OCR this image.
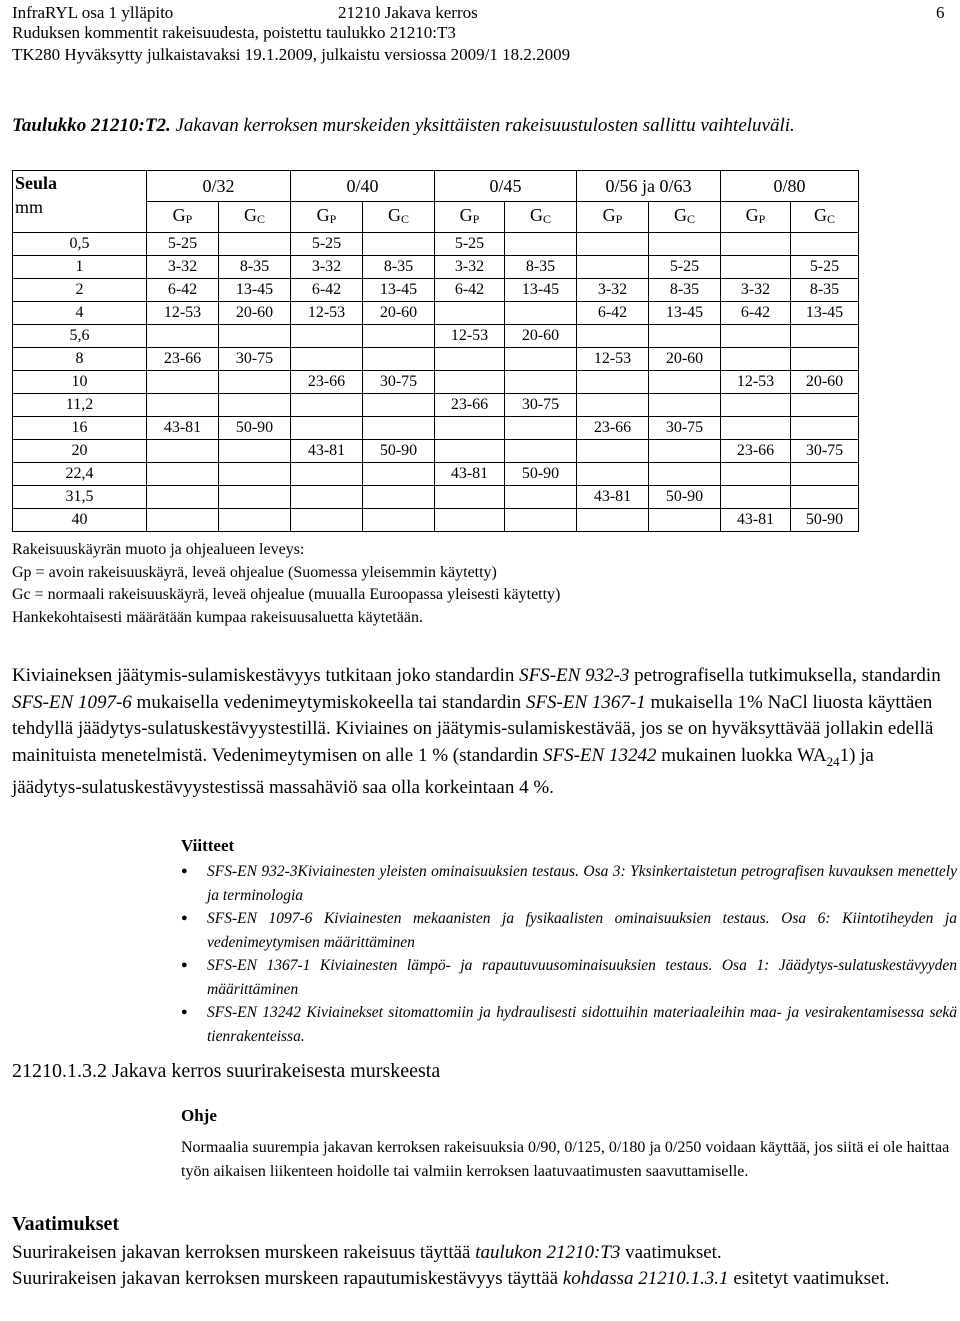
InfraRYL osa 1 ylläpito	21210 Jakava kerros	6
Ruduksen kommentit rakeisuudesta, poistettu taulukko 21210:T3
TK280 Hyväksytty julkaistavaksi 19.1.2009, julkaistu versiossa 2009/1 18.2.2009
Taulukko 21210:T2. Jakavan kerroksen murskeiden yksittäisten rakeisuustulosten sallittu vaihteluväli.
Seula
mm	0/32		0/40		0/45		0/56 ja 0/63		0/80	
	GP	GC	GP	GC	GP	GC	GP	GC	GP	GC
0,5	5-25		5-25		5-25					
1	3-32	8-35	3-32	8-35	3-32	8-35		5-25		5-25
2	6-42	13-45	6-42	13-45	6-42	13-45	3-32	8-35	3-32	8-35
4	12-53	20-60	12-53	20-60			6-42	13-45	6-42	13-45
5,6					12-53	20-60				
8	23-66	30-75					12-53	20-60		
10			23-66	30-75					12-53	20-60
11,2					23-66	30-75				
16	43-81	50-90					23-66	30-75		
20			43-81	50-90					23-66	30-75
22,4					43-81	50-90				
31,5							43-81	50-90		
40									43-81	50-90
Rakeisuuskäyrän muoto ja ohjealueen leveys:
Gp = avoin rakeisuuskäyrä, leveä ohjealue (Suomessa yleisemmin käytetty)
Gc = normaali rakeisuuskäyrä, leveä ohjealue (muualla Euroopassa yleisesti käytetty)
Hankekohtaisesti määrätään kumpaa rakeisuusaluetta käytetään.
Kiviaineksen jäätymis-sulamiskestävyys tutkitaan joko standardin SFS-EN 932-3 petrografisella tutkimuksella, standardin SFS-EN 1097-6 mukaisella vedenimeytymiskokeella tai standardin SFS-EN 1367-1 mukaisella 1% NaCl liuosta käyttäen tehdyllä jäädytys-sulatuskestävyystestillä. Kiviaines on jäätymis-sulamiskestävää, jos se on hyväksyttävää jollakin edellä mainituista menetelmistä. Vedenimeytymisen on alle 1 % (standardin SFS-EN 13242 mukainen luokka $WA_{24}1$) ja jäädytys-sulatuskestävyystestissä massahäviö saa olla korkeintaan 4 %.
Viitteet
● SFS-EN 932-3Kiviainesten yleisten ominaisuuksien testaus. Osa 3: Yksinkertaistetun petrografisen kuvauksen menettely ja terminologia
● SFS-EN 1097-6 Kiviainesten mekaanisten ja fysikaalisten ominaisuuksien testaus. Osa 6: Kiintotiheyden ja vedenimeytymisen määrittäminen
● SFS-EN 1367-1 Kiviainesten lämpö- ja rapautuvuusominaisuuksien testaus. Osa 1: Jäädytys-sulatuskestävyyden määrittäminen
● SFS-EN 13242 Kiviainekset sitomattomiin ja hydraulisesti sidottuihin materiaaleihin maa- ja vesirakentamisessa sekä tienrakenteissa.
21210.1.3.2 Jakava kerros suurirakeisesta murskeesta
Ohje
Normaalia suurempia jakavan kerroksen rakeisuuksia 0/90, 0/125, 0/180 ja 0/250 voidaan käyttää, jos siitä ei ole haittaa työn aikaisen liikenteen hoidolle tai valmiin kerroksen laatuvaatimusten saavuttamiselle.
Vaatimukset
Suurirakeisen jakavan kerroksen murskeen rakeisuus täyttää taulukon 21210:T3 vaatimukset.
Suurirakeisen jakavan kerroksen murskeen rapautumiskestävyys täyttää kohdassa 21210.1.3.1 esitetyt vaatimukset.
